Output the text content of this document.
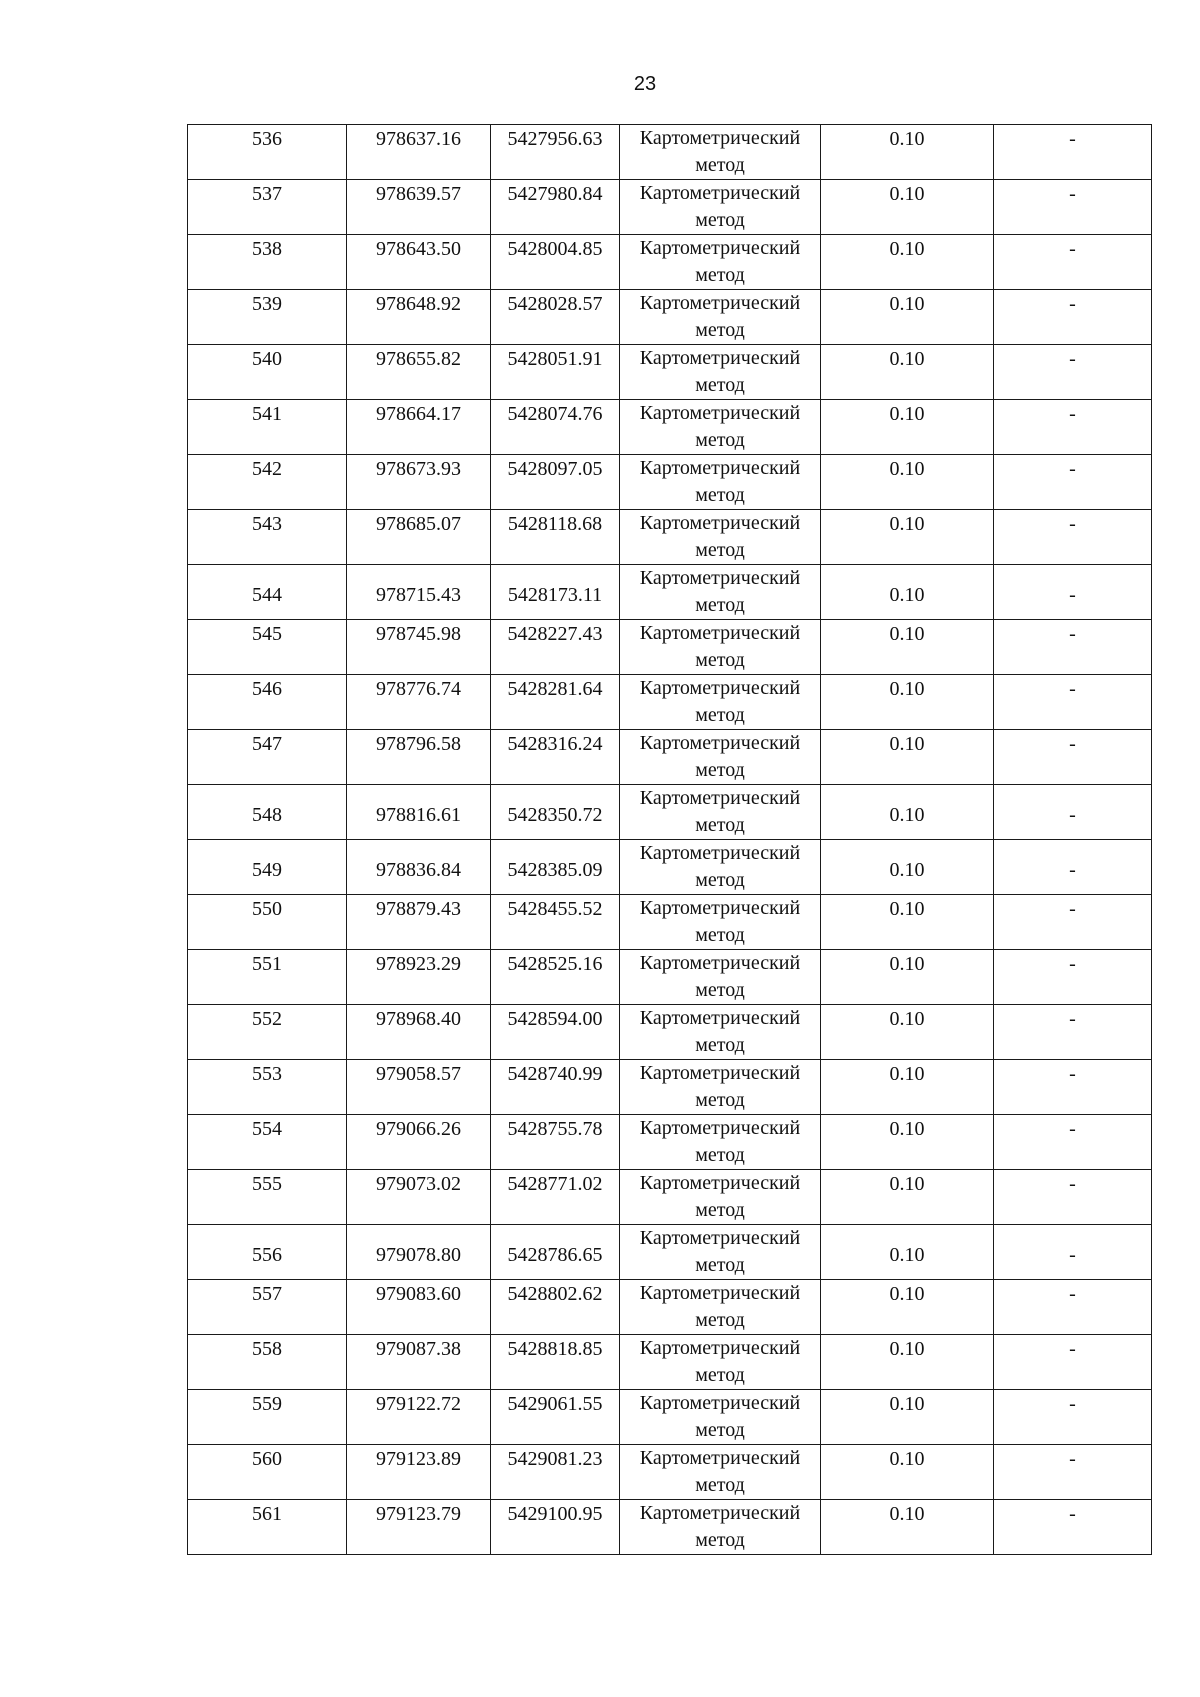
23
536	978637.16	5427956.63	Картометрический
метод	0.10	-

537	978639.57	5427980.84	Картометрический
метод	0.10	-

538	978643.50	5428004.85	Картометрический
метод	0.10	-

539	978648.92	5428028.57	Картометрический
метод	0.10	-

540	978655.82	5428051.91	Картометрический
метод	0.10	-

541	978664.17	5428074.76	Картометрический
метод	0.10	-

542	978673.93	5428097.05	Картометрический
метод	0.10	-

543	978685.07	5428118.68	Картометрический
метод	0.10	-

544	978715.43	5428173.11	Картометрический
метод	0.10	-

545	978745.98	5428227.43	Картометрический
метод	0.10	-

546	978776.74	5428281.64	Картометрический
метод	0.10	-

547	978796.58	5428316.24	Картометрический
метод	0.10	-

548	978816.61	5428350.72	Картометрический
метод	0.10	-

549	978836.84	5428385.09	Картометрический
метод	0.10	-

550	978879.43	5428455.52	Картометрический
метод	0.10	-

551	978923.29	5428525.16	Картометрический
метод	0.10	-

552	978968.40	5428594.00	Картометрический
метод	0.10	-

553	979058.57	5428740.99	Картометрический
метод	0.10	-

554	979066.26	5428755.78	Картометрический
метод	0.10	-

555	979073.02	5428771.02	Картометрический
метод	0.10	-

556	979078.80	5428786.65	Картометрический
метод	0.10	-

557	979083.60	5428802.62	Картометрический
метод	0.10	-

558	979087.38	5428818.85	Картометрический
метод	0.10	-

559	979122.72	5429061.55	Картометрический
метод	0.10	-

560	979123.89	5429081.23	Картометрический
метод	0.10	-

561	979123.79	5429100.95	Картометрический
метод	0.10	-
